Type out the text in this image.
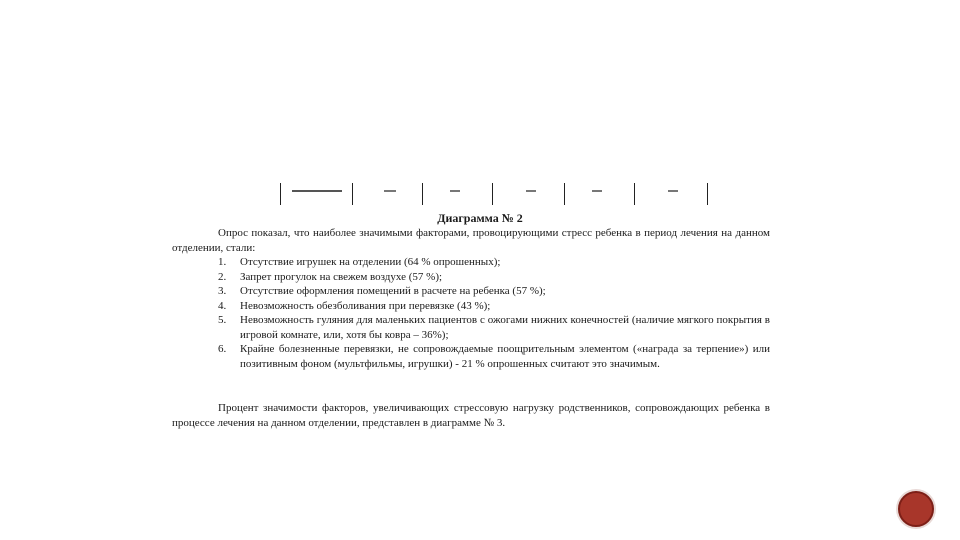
Диаграмма № 2
Опрос показал, что наиболее значимыми факторами, провоцирующими стресс ребенка в период лечения на данном отделении, стали:
1.	Отсутствие игрушек на отделении (64 % опрошенных);
2.	Запрет прогулок на свежем воздухе (57 %);
3.	Отсутствие оформления помещений в расчете на ребенка (57 %);
4.	Невозможность обезболивания при перевязке (43 %);
5.	Невозможность гуляния для маленьких пациентов с ожогами нижних конечностей (наличие мягкого покрытия в игровой комнате, или, хотя бы ковра – 36%);
6.	Крайне болезненные перевязки, не сопровождаемые поощрительным элементом («награда за терпение») или позитивным фоном (мультфильмы, игрушки) - 21 % опрошенных считают это значимым.
Процент значимости факторов, увеличивающих стрессовую нагрузку родственников, сопровождающих ребенка в процессе лечения на данном отделении, представлен в диаграмме № 3.
